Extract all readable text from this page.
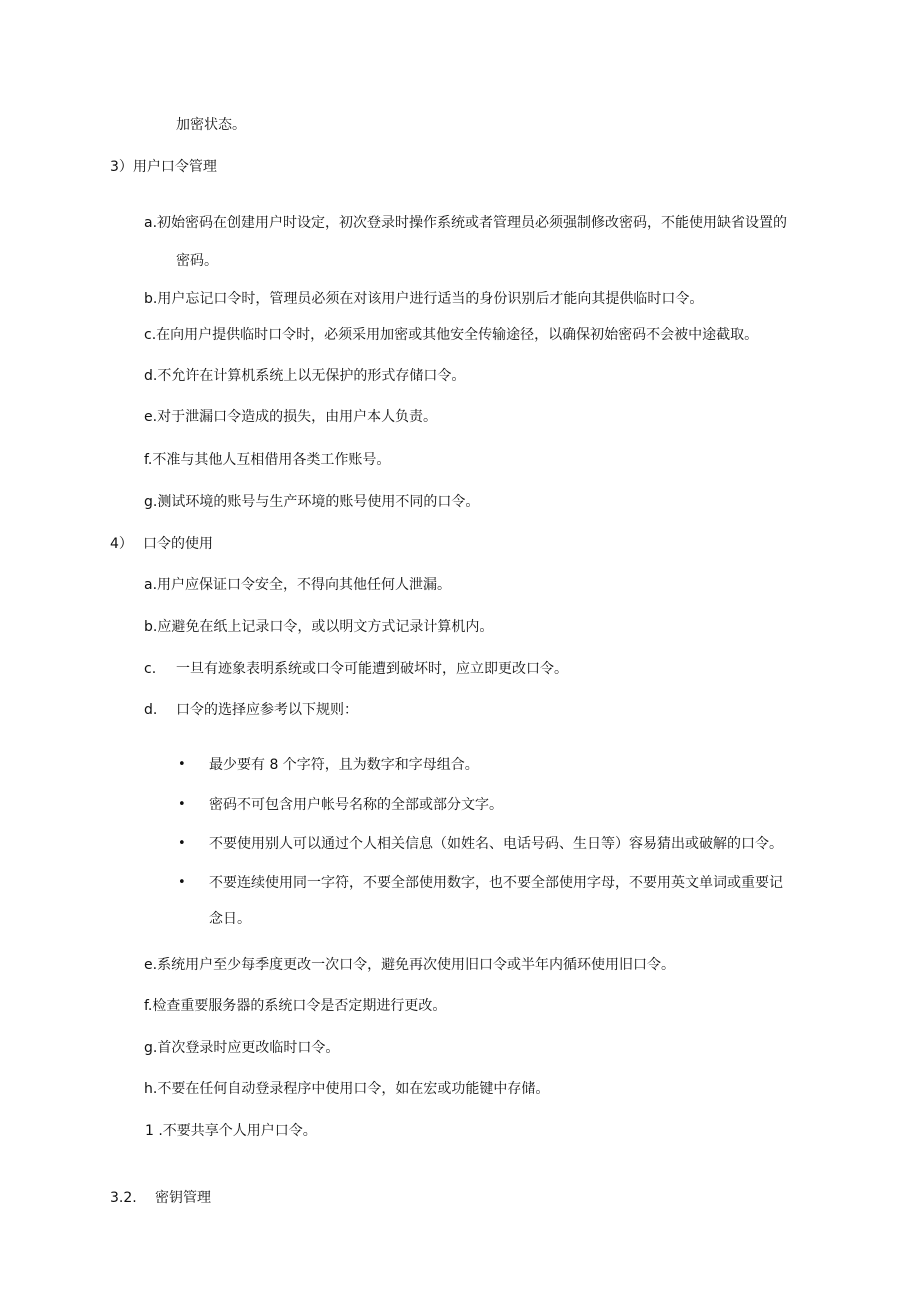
加密状态。
3）用户口令管理
a.初始密码在创建用户时设定，初次登录时操作系统或者管理员必须强制修改密码，不能使用缺省设置的
密码。
b.用户忘记口令时，管理员必须在对该用户进行适当的身份识别后才能向其提供临时口令。
c.在向用户提供临时口令时，必须采用加密或其他安全传输途径，以确保初始密码不会被中途截取。
d.不允许在计算机系统上以无保护的形式存储口令。
e.对于泄漏口令造成的损失，由用户本人负责。
f.不准与其他人互相借用各类工作账号。
g.测试环境的账号与生产环境的账号使用不同的口令。
4） 口令的使用
a.用户应保证口令安全，不得向其他任何人泄漏。
b.应避免在纸上记录口令，或以明文方式记录计算机内。
c. 一旦有迹象表明系统或口令可能遭到破坏时，应立即更改口令。
d. 口令的选择应参考以下规则：
• 最少要有 8 个字符，且为数字和字母组合。
• 密码不可包含用户帐号名称的全部或部分文字。
• 不要使用别人可以通过个人相关信息（如姓名、电话号码、生日等）容易猜出或破解的口令。
• 不要连续使用同一字符，不要全部使用数字，也不要全部使用字母，不要用英文单词或重要记
念日。
e.系统用户至少每季度更改一次口令，避免再次使用旧口令或半年内循环使用旧口令。
f.检查重要服务器的系统口令是否定期进行更改。
g.首次登录时应更改临时口令。
h.不要在任何自动登录程序中使用口令，如在宏或功能键中存储。
1 .不要共享个人用户口令。
3.2. 密钥管理
